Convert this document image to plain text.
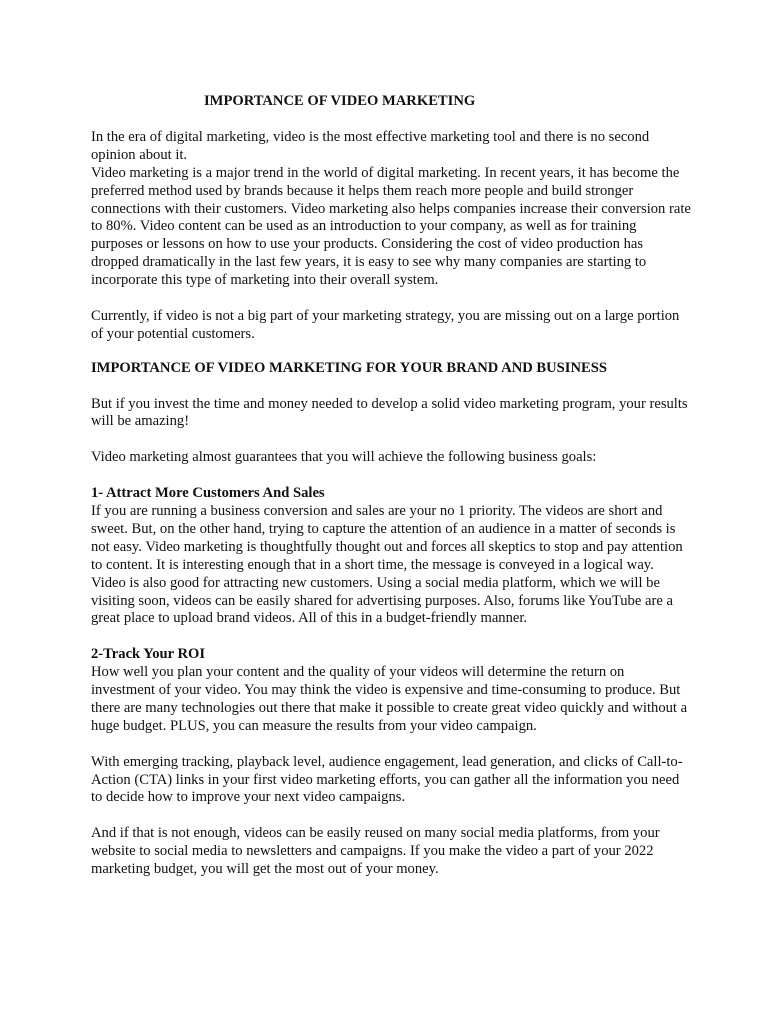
IMPORTANCE OF VIDEO MARKETING

In the era of digital marketing, video is the most effective marketing tool and there is no second opinion about it.

Video marketing is a major trend in the world of digital marketing. In recent years, it has become the preferred method used by brands because it helps them reach more people and build stronger connections with their customers. Video marketing also helps companies increase their conversion rate to 80%. Video content can be used as an introduction to your company, as well as for training purposes or lessons on how to use your products. Considering the cost of video production has dropped dramatically in the last few years, it is easy to see why many companies are starting to incorporate this type of marketing into their overall system.

Currently, if video is not a big part of your marketing strategy, you are missing out on a large portion of your potential customers.

IMPORTANCE OF VIDEO MARKETING FOR YOUR BRAND AND BUSINESS

But if you invest the time and money needed to develop a solid video marketing program, your results will be amazing!

Video marketing almost guarantees that you will achieve the following business goals:

1- Attract More Customers And Sales

If you are running a business conversion and sales are your no 1 priority. The videos are short and sweet. But, on the other hand, trying to capture the attention of an audience in a matter of seconds is not easy. Video marketing is thoughtfully thought out and forces all skeptics to stop and pay attention to content. It is interesting enough that in a short time, the message is conveyed in a logical way. Video is also good for attracting new customers. Using a social media platform, which we will be visiting soon, videos can be easily shared for advertising purposes. Also, forums like YouTube are a great place to upload brand videos. All of this in a budget-friendly manner.

2-Track Your ROI

How well you plan your content and the quality of your videos will determine the return on investment of your video. You may think the video is expensive and time-consuming to produce. But there are many technologies out there that make it possible to create great video quickly and without a huge budget. PLUS, you can measure the results from your video campaign.

With emerging tracking, playback level, audience engagement, lead generation, and clicks of Call-to-Action (CTA) links in your first video marketing efforts, you can gather all the information you need to decide how to improve your next video campaigns.

And if that is not enough, videos can be easily reused on many social media platforms, from your website to social media to newsletters and campaigns. If you make the video a part of your 2022 marketing budget, you will get the most out of your money.
